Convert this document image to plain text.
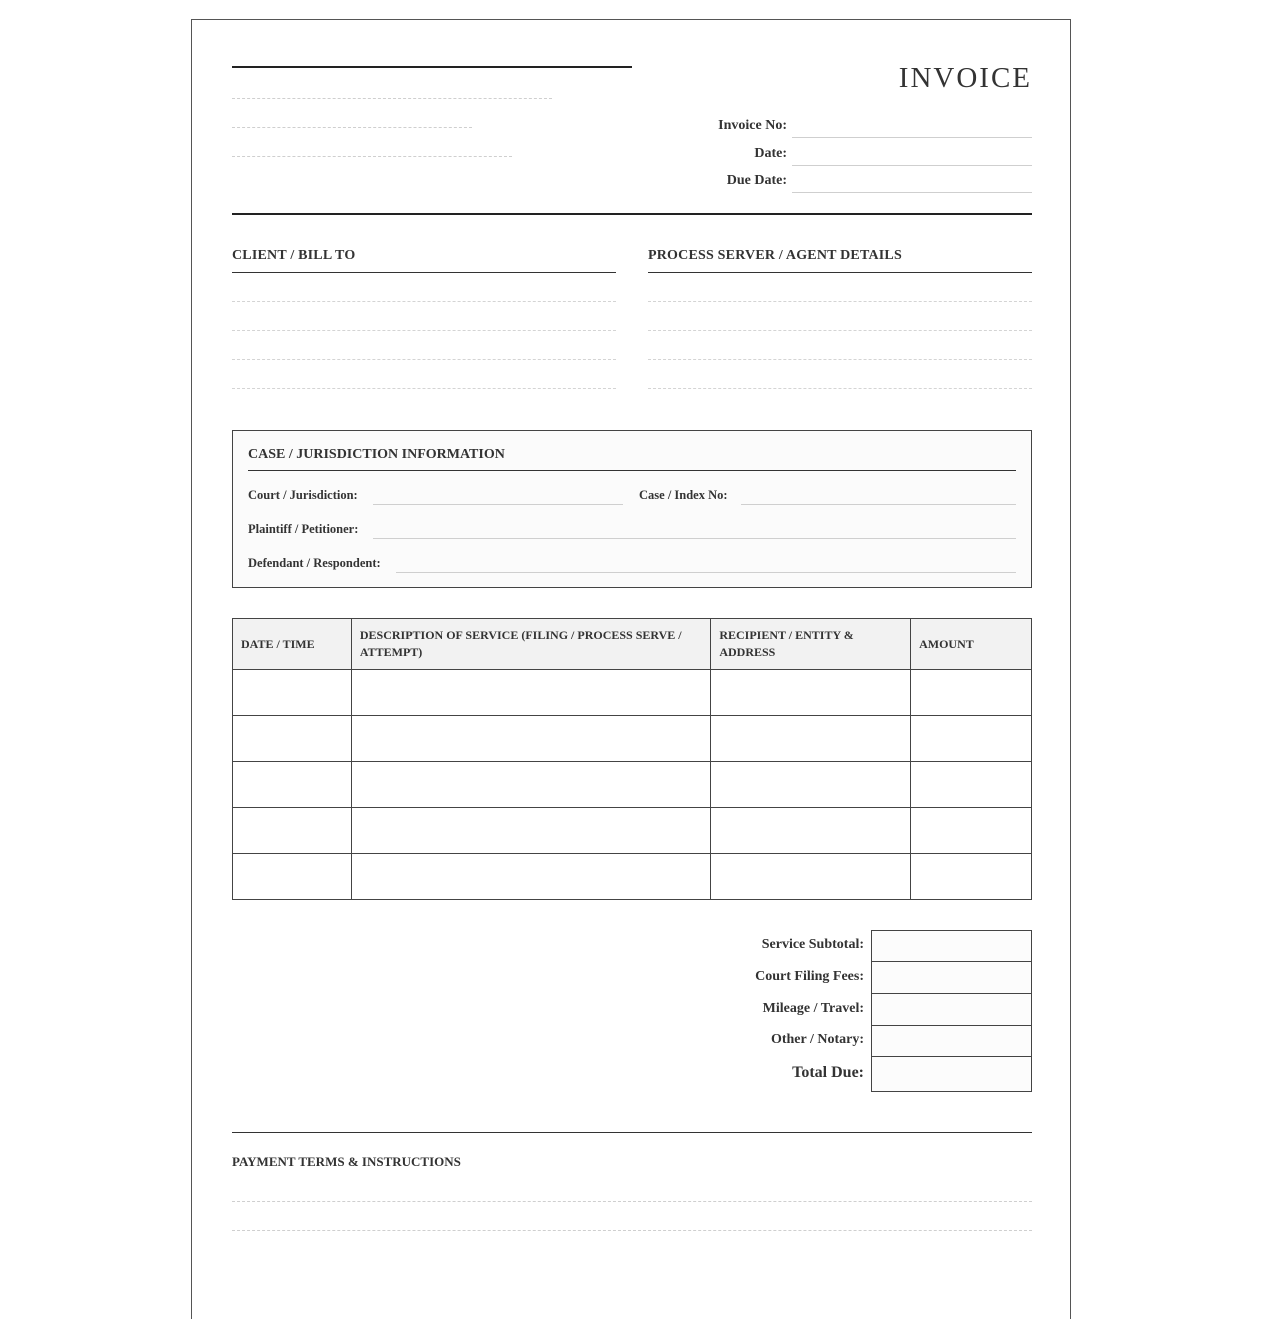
INVOICE
Invoice No:
Date:
Due Date:
CLIENT / BILL TO	PROCESS SERVER / AGENT DETAILS
CASE / JURISDICTION INFORMATION
Court / Jurisdiction:	Case / Index No:
Plaintiff / Petitioner:
Defendant / Respondent:
DATE / TIME	DESCRIPTION OF SERVICE (FILING / PROCESS SERVE / ATTEMPT)	RECIPIENT / ENTITY & ADDRESS	AMOUNT

Service Subtotal:
Court Filing Fees:
Mileage / Travel:
Other / Notary:
Total Due:
PAYMENT TERMS & INSTRUCTIONS
